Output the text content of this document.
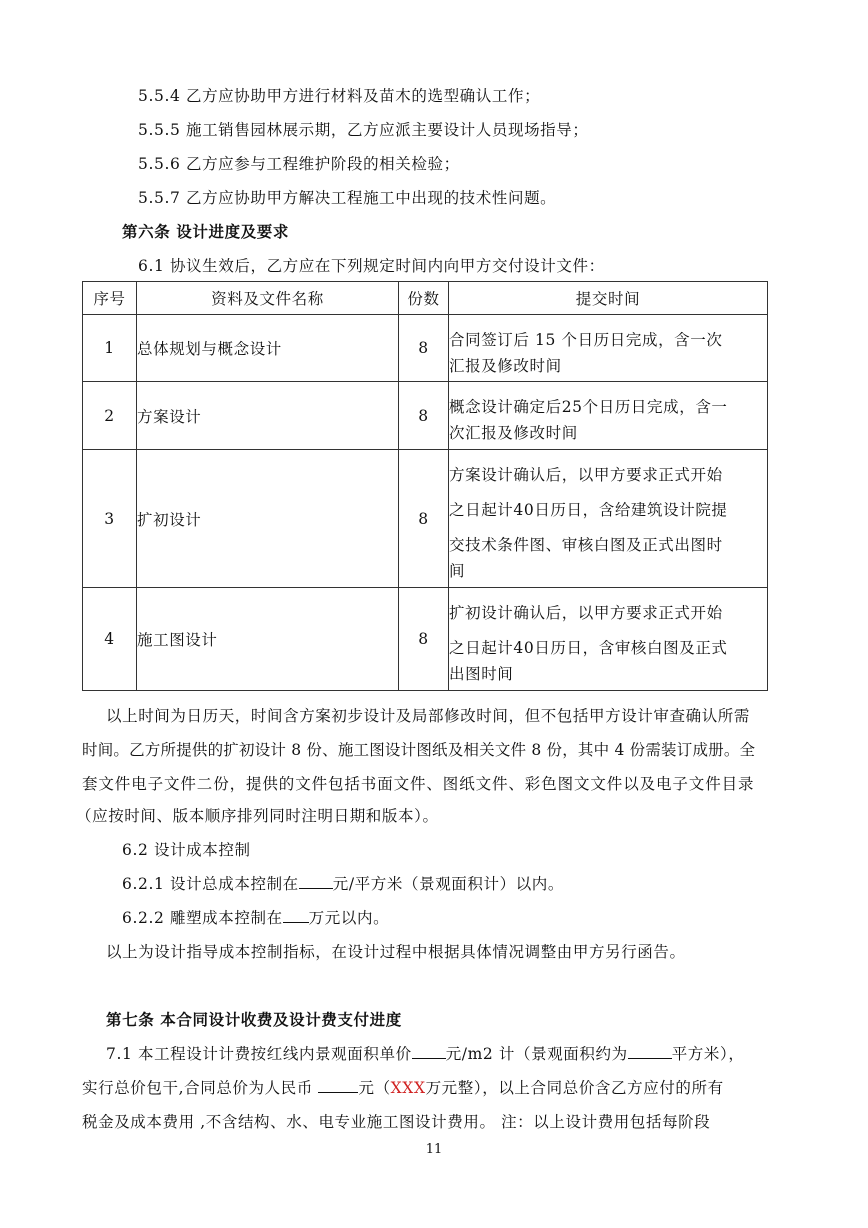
5.5.4 乙方应协助甲方进行材料及苗木的选型确认工作；
5.5.5 施工销售园林展示期，乙方应派主要设计人员现场指导；
5.5.6 乙方应参与工程维护阶段的相关检验；
5.5.7 乙方应协助甲方解决工程施工中出现的技术性问题。
第六条 设计进度及要求
6.1 协议生效后，乙方应在下列规定时间内向甲方交付设计文件：
序号	资料及文件名称	份数	提交时间
1	总体规划与概念设计	8	合同签订后 15 个日历日完成，含一次
汇报及修改时间

2	方案设计	8	概念设计确定后25个日历日完成，含一
次汇报及修改时间

3	扩初设计	8	方案设计确认后，以甲方要求正式开始
之日起计40日历日，含给建筑设计院提
交技术条件图、审核白图及正式出图时
间

4	施工图设计	8	扩初设计确认后，以甲方要求正式开始
之日起计40日历日，含审核白图及正式
出图时间
以上时间为日历天，时间含方案初步设计及局部修改时间，但不包括甲方设计审查确认所需
时间。乙方所提供的扩初设计 8 份、施工图设计图纸及相关文件 8 份，其中 4 份需装订成册。全
套文件电子文件二份，提供的文件包括书面文件、图纸文件、彩色图文文件以及电子文件目录
（应按时间、版本顺序排列同时注明日期和版本）。
6.2 设计成本控制
6.2.1 设计总成本控制在 元/平方米（景观面积计）以内。
6.2.2 雕塑成本控制在 万元以内。
以上为设计指导成本控制指标，在设计过程中根据具体情况调整由甲方另行函告。
第七条 本合同设计收费及设计费支付进度
7.1 本工程设计计费按红线内景观面积单价 元/m2 计（景观面积约为	平方米），
实行总价包干,合同总价为人民币	元（XXX万元整），以上合同总价含乙方应付的所有
税金及成本费用 ,不含结构、水、电专业施工图设计费用。 注：以上设计费用包括每阶段
11
